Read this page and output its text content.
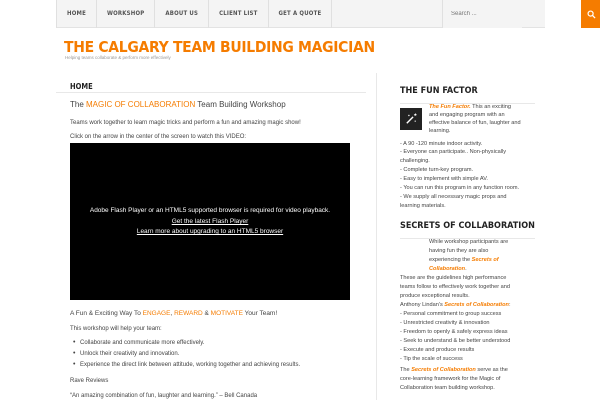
HOME	WORKSHOP	ABOUT US	CLIENT LIST	GET A QUOTE
Search ...
THE CALGARY TEAM BUILDING MAGICIAN
Helping teams collaborate & perform more effectively
HOME
The MAGIC OF COLLABORATION Team Building Workshop
Teams work together to learn magic tricks and perform a fun and amazing magic show!
Click on the arrow in the center of the screen to watch this VIDEO:
Adobe Flash Player or an HTML5 supported browser is required for video playback.
Get the latest Flash Player
Learn more about upgrading to an HTML5 browser
A Fun & Exciting Way To ENGAGE, REWARD & MOTIVATE Your Team!
This workshop will help your team:
• Collaborate and communicate more effectively.
• Unlock their creativity and innovation.
• Experience the direct link between attitude, working together and achieving results.
Rave Reviews
“An amazing combination of fun, laughter and learning.” – Bell Canada
THE FUN FACTOR
The Fun Factor. This an exciting
and engaging program with an
effective balance of fun, laughter and
learning.
- A 90 -120 minute indoor activity.
- Everyone can participate.. Non-physically
challenging.
- Complete turn-key program.
- Easy to implement with simple AV.
- You can run this program in any function room.
- We supply all necessary magic props and
learning materials.
SECRETS OF COLLABORATION
While workshop participants are
having fun they are also
experiencing the Secrets of
Collaboration.
These are the guidelines high performance
teams follow to effectively work together and
produce exceptional results.
Anthony Lindan's Secrets of Collaboration:
- Personal commitment to group success
- Unrestricted creativity & innovation
- Freedom to openly & safely express ideas
- Seek to understand & be better understood
- Execute and produce results
- Tip the scale of success
The Secrets of Collaboration serve as the
core-learning framework for the Magic of
Collaboration team building workshop.
